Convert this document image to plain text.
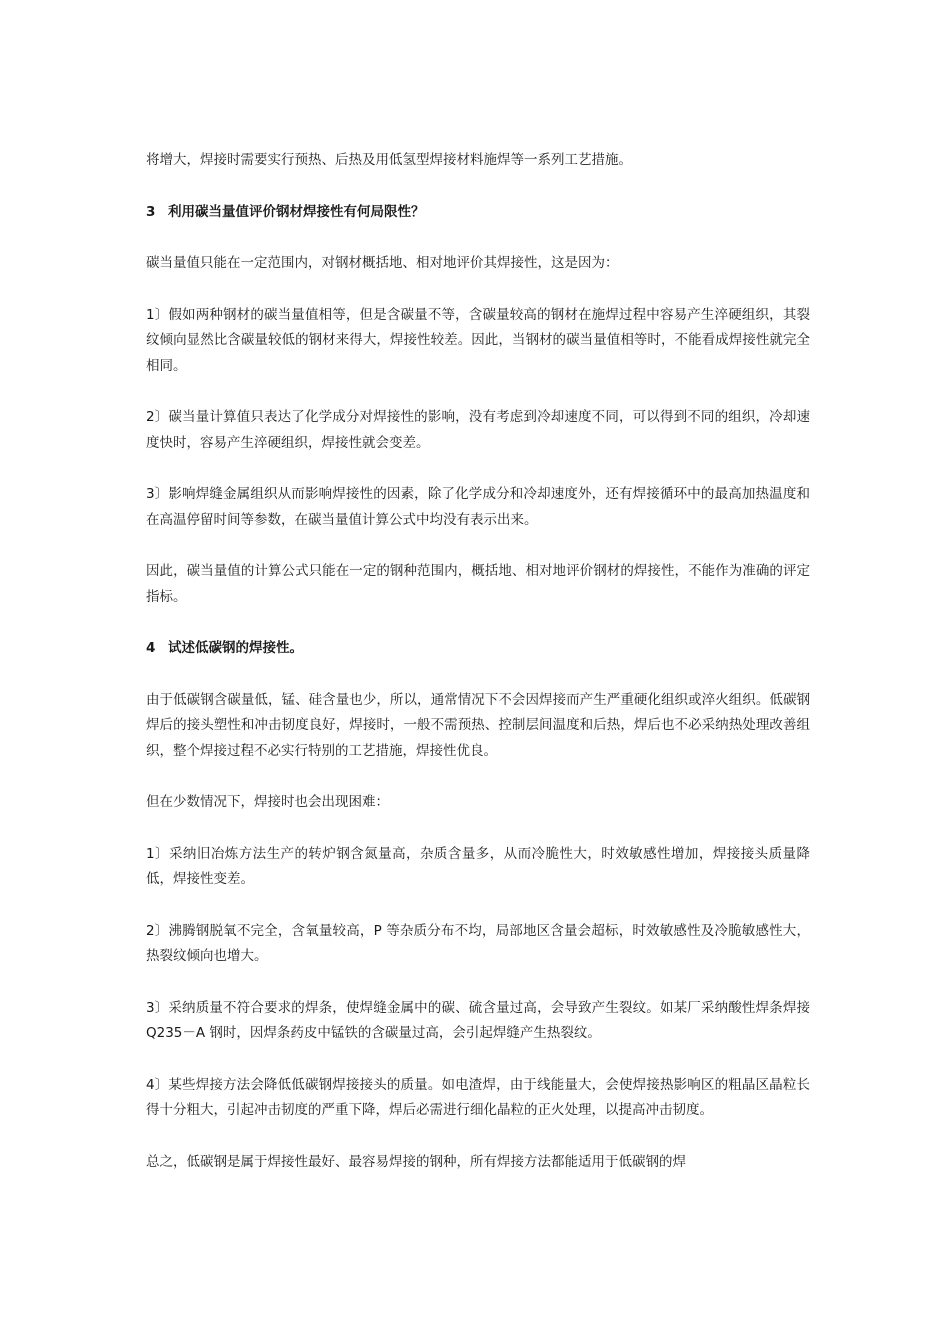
将增大，焊接时需要实行预热、后热及用低氢型焊接材料施焊等一系列工艺措施。

3 利用碳当量值评价钢材焊接性有何局限性？

碳当量值只能在一定范围内，对钢材概括地、相对地评价其焊接性，这是因为：

1〕假如两种钢材的碳当量值相等，但是含碳量不等，含碳量较高的钢材在施焊过程中容易产生淬硬组织，其裂纹倾向显然比含碳量较低的钢材来得大，焊接性较差。因此，当钢材的碳当量值相等时，不能看成焊接性就完全相同。

2〕碳当量计算值只表达了化学成分对焊接性的影响，没有考虑到冷却速度不同，可以得到不同的组织，冷却速度快时，容易产生淬硬组织，焊接性就会变差。

3〕影响焊缝金属组织从而影响焊接性的因素，除了化学成分和冷却速度外，还有焊接循环中的最高加热温度和在高温停留时间等参数，在碳当量值计算公式中均没有表示出来。

因此，碳当量值的计算公式只能在一定的钢种范围内，概括地、相对地评价钢材的焊接性，不能作为准确的评定指标。

4 试述低碳钢的焊接性。

由于低碳钢含碳量低，锰、硅含量也少，所以，通常情况下不会因焊接而产生严重硬化组织或淬火组织。低碳钢焊后的接头塑性和冲击韧度良好，焊接时，一般不需预热、控制层间温度和后热，焊后也不必采纳热处理改善组织，整个焊接过程不必实行特别的工艺措施，焊接性优良。

但在少数情况下，焊接时也会出现困难：

1〕采纳旧冶炼方法生产的转炉钢含氮量高，杂质含量多，从而冷脆性大，时效敏感性增加，焊接接头质量降低，焊接性变差。

2〕沸腾钢脱氧不完全，含氧量较高，P 等杂质分布不均，局部地区含量会超标，时效敏感性及冷脆敏感性大，热裂纹倾向也增大。

3〕采纳质量不符合要求的焊条，使焊缝金属中的碳、硫含量过高，会导致产生裂纹。如某厂采纳酸性焊条焊接 Q235－A 钢时，因焊条药皮中锰铁的含碳量过高，会引起焊缝产生热裂纹。

4〕某些焊接方法会降低低碳钢焊接接头的质量。如电渣焊，由于线能量大，会使焊接热影响区的粗晶区晶粒长得十分粗大，引起冲击韧度的严重下降，焊后必需进行细化晶粒的正火处理，以提高冲击韧度。

总之，低碳钢是属于焊接性最好、最容易焊接的钢种，所有焊接方法都能适用于低碳钢的焊
